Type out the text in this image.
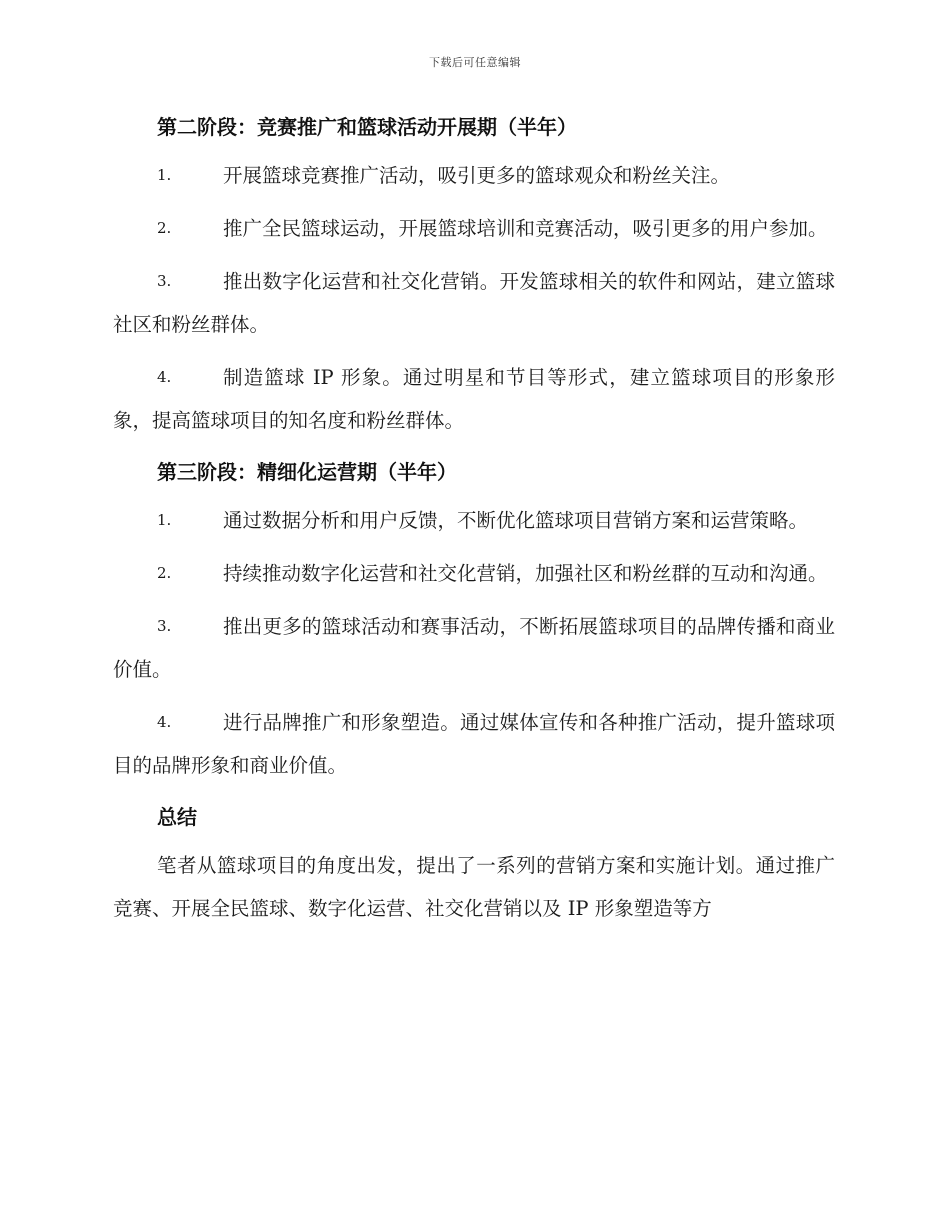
下载后可任意编辑
第二阶段：竞赛推广和篮球活动开展期（半年）
1.	开展篮球竞赛推广活动，吸引更多的篮球观众和粉丝关注。
2.	推广全民篮球运动，开展篮球培训和竞赛活动，吸引更多的用户参加。
3.	推出数字化运营和社交化营销。开发篮球相关的软件和网站，建立篮球社区和粉丝群体。
4.	制造篮球 IP 形象。通过明星和节目等形式，建立篮球项目的形象形象，提高篮球项目的知名度和粉丝群体。
第三阶段：精细化运营期（半年）
1.	通过数据分析和用户反馈，不断优化篮球项目营销方案和运营策略。
2.	持续推动数字化运营和社交化营销，加强社区和粉丝群的互动和沟通。
3.	推出更多的篮球活动和赛事活动，不断拓展篮球项目的品牌传播和商业价值。
4.	进行品牌推广和形象塑造。通过媒体宣传和各种推广活动，提升篮球项目的品牌形象和商业价值。
总结

笔者从篮球项目的角度出发，提出了一系列的营销方案和实施计划。通过推广竞赛、开展全民篮球、数字化运营、社交化营销以及 IP 形象塑造等方
